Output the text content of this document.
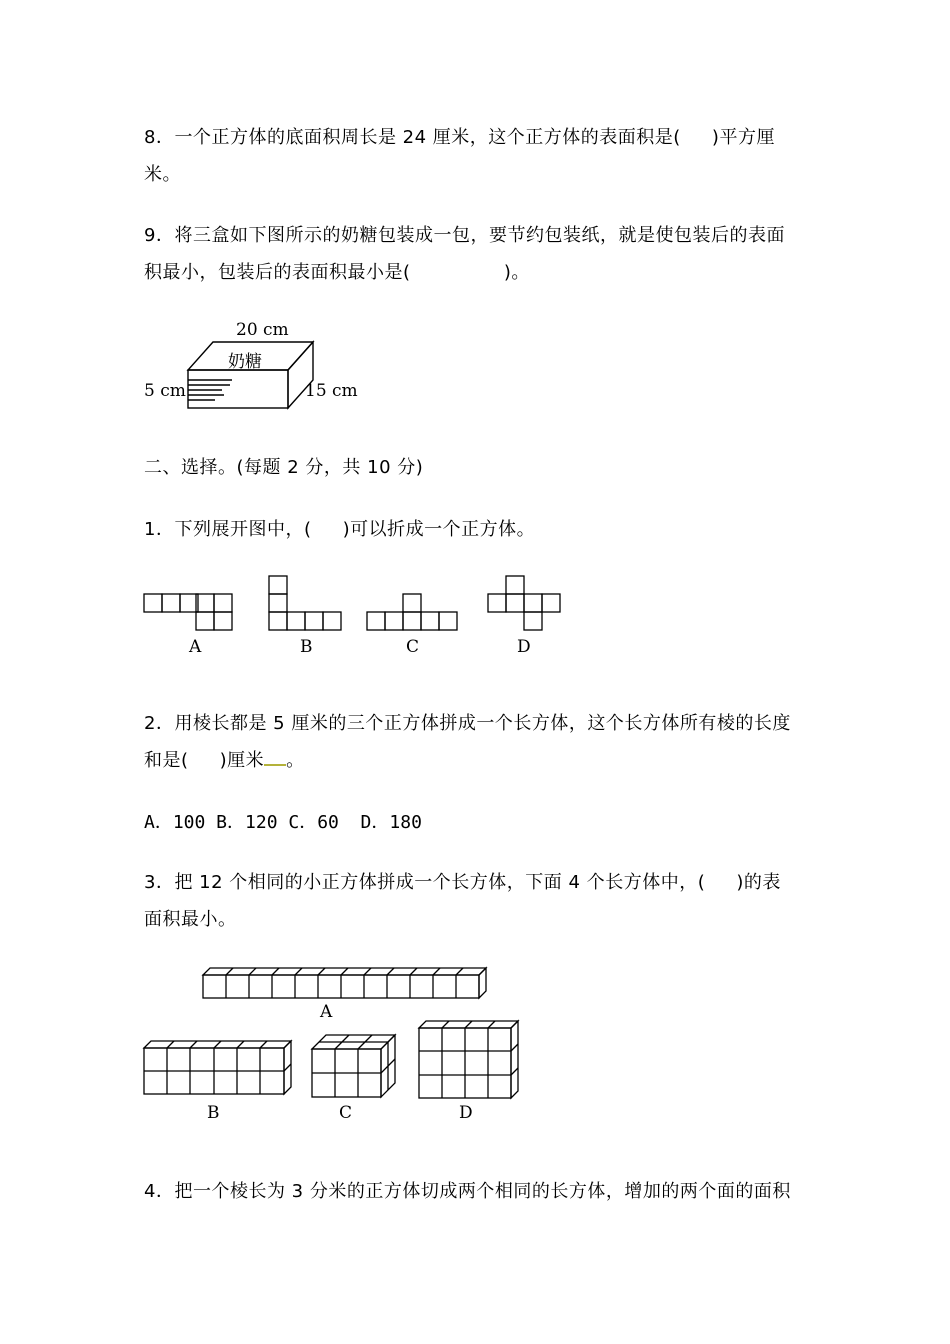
8．一个正方体的底面积周长是 24 厘米，这个正方体的表面积是(     )平方厘
米。
9．将三盒如下图所示的奶糖包装成一包，要节约包装纸，就是使包装后的表面
积最小，包装后的表面积最小是(               )。
20 cm
奶糖
5 cm	15 cm
二、选择。(每题 2 分，共 10 分)
1．下列展开图中，(     )可以折成一个正方体。
A	B	C	D
2．用棱长都是 5 厘米的三个正方体拼成一个长方体，这个长方体所有棱的长度
和是(     )厘米 。
A．100 B．120 C．60  D．180
3．把 12 个相同的小正方体拼成一个长方体，下面 4 个长方体中，(     )的表
面积最小。
A
B	C	D
4．把一个棱长为 3 分米的正方体切成两个相同的长方体，增加的两个面的面积
